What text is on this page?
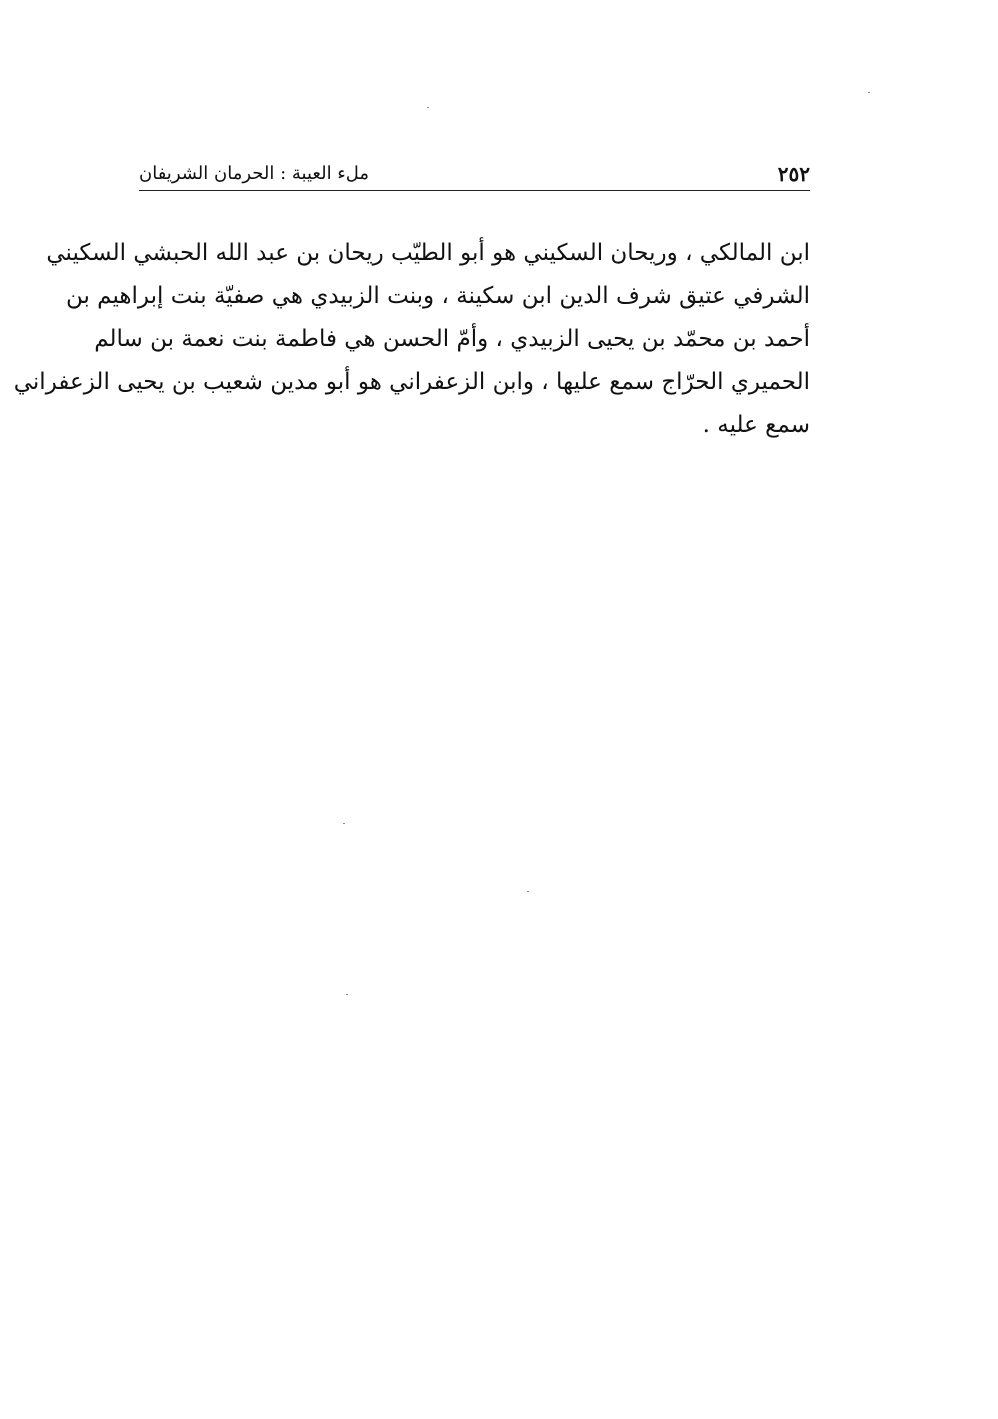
٢٥٢
ملء العيبة : الحرمان الشريفان
ابن المالكي ، وريحان السكيني هو أبو الطيّب ريحان بن عبد الله الحبشي السكيني
الشرفي عتيق شرف الدين ابن سكينة ، وبنت الزبيدي هي صفيّة بنت إبراهيم بن
أحمد بن محمّد بن يحيى الزبيدي ، وأمّ الحسن هي فاطمة بنت نعمة بن سالم
الحميري الحرّاج سمع عليها ، وابن الزعفراني هو أبو مدين شعيب بن يحيى الزعفراني
سمع عليه .
